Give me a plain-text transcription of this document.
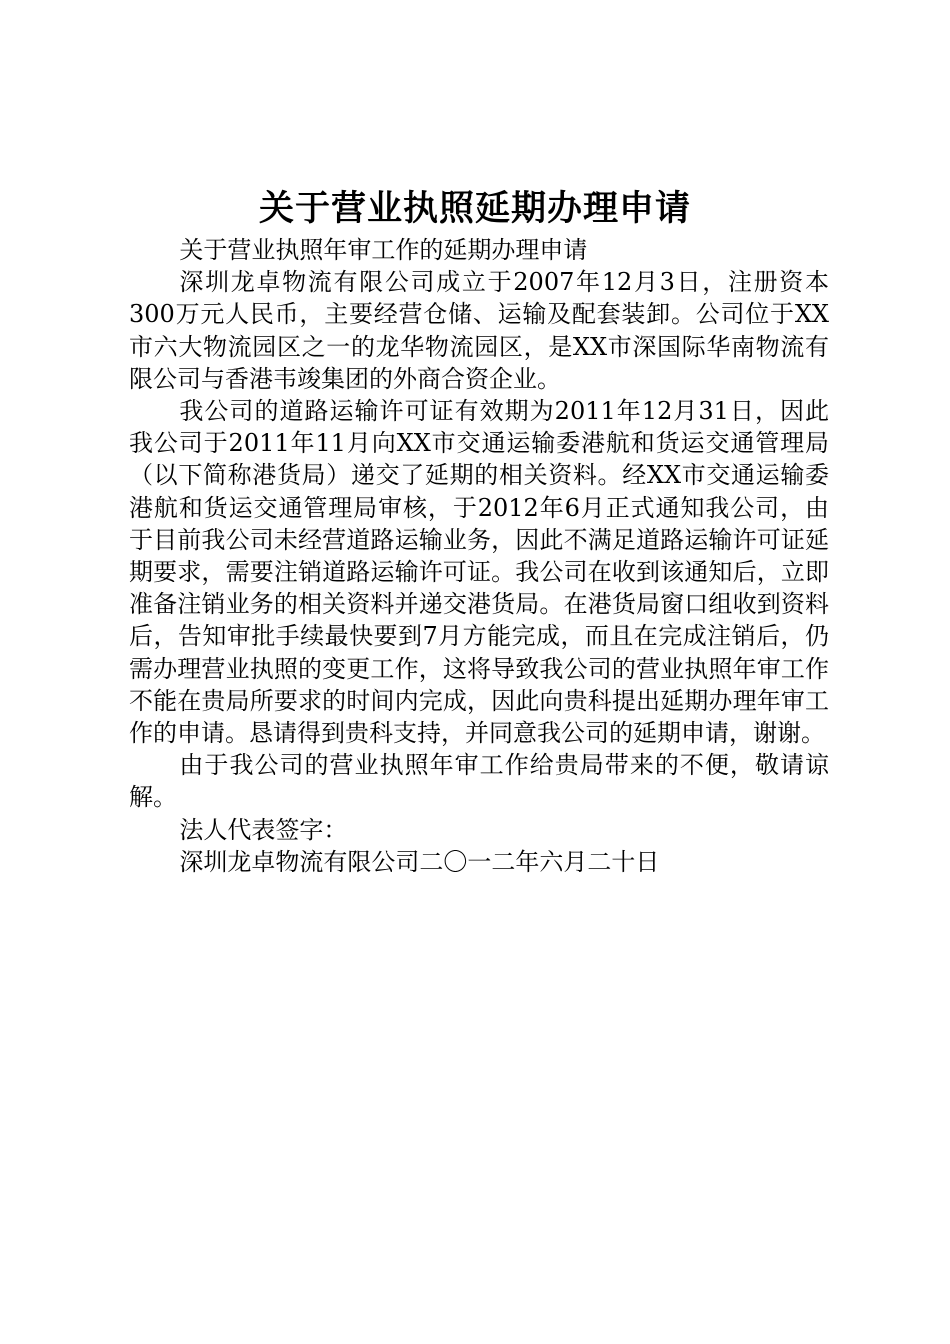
关于营业执照延期办理申请

关于营业执照年审工作的延期办理申请

深圳龙卓物流有限公司成立于2007年12月3日，注册资本300万元人民币，主要经营仓储、运输及配套装卸。公司位于XX市六大物流园区之一的龙华物流园区，是XX市深国际华南物流有限公司与香港韦竣集团的外商合资企业。

我公司的道路运输许可证有效期为2011年12月31日，因此我公司于2011年11月向XX市交通运输委港航和货运交通管理局（以下简称港货局）递交了延期的相关资料。经XX市交通运输委港航和货运交通管理局审核，于2012年6月正式通知我公司，由于目前我公司未经营道路运输业务，因此不满足道路运输许可证延期要求，需要注销道路运输许可证。我公司在收到该通知后，立即准备注销业务的相关资料并递交港货局。在港货局窗口组收到资料后，告知审批手续最快要到7月方能完成，而且在完成注销后，仍需办理营业执照的变更工作，这将导致我公司的营业执照年审工作不能在贵局所要求的时间内完成，因此向贵科提出延期办理年审工作的申请。恳请得到贵科支持，并同意我公司的延期申请，谢谢。

由于我公司的营业执照年审工作给贵局带来的不便，敬请谅解。

法人代表签字：

深圳龙卓物流有限公司二〇一二年六月二十日
